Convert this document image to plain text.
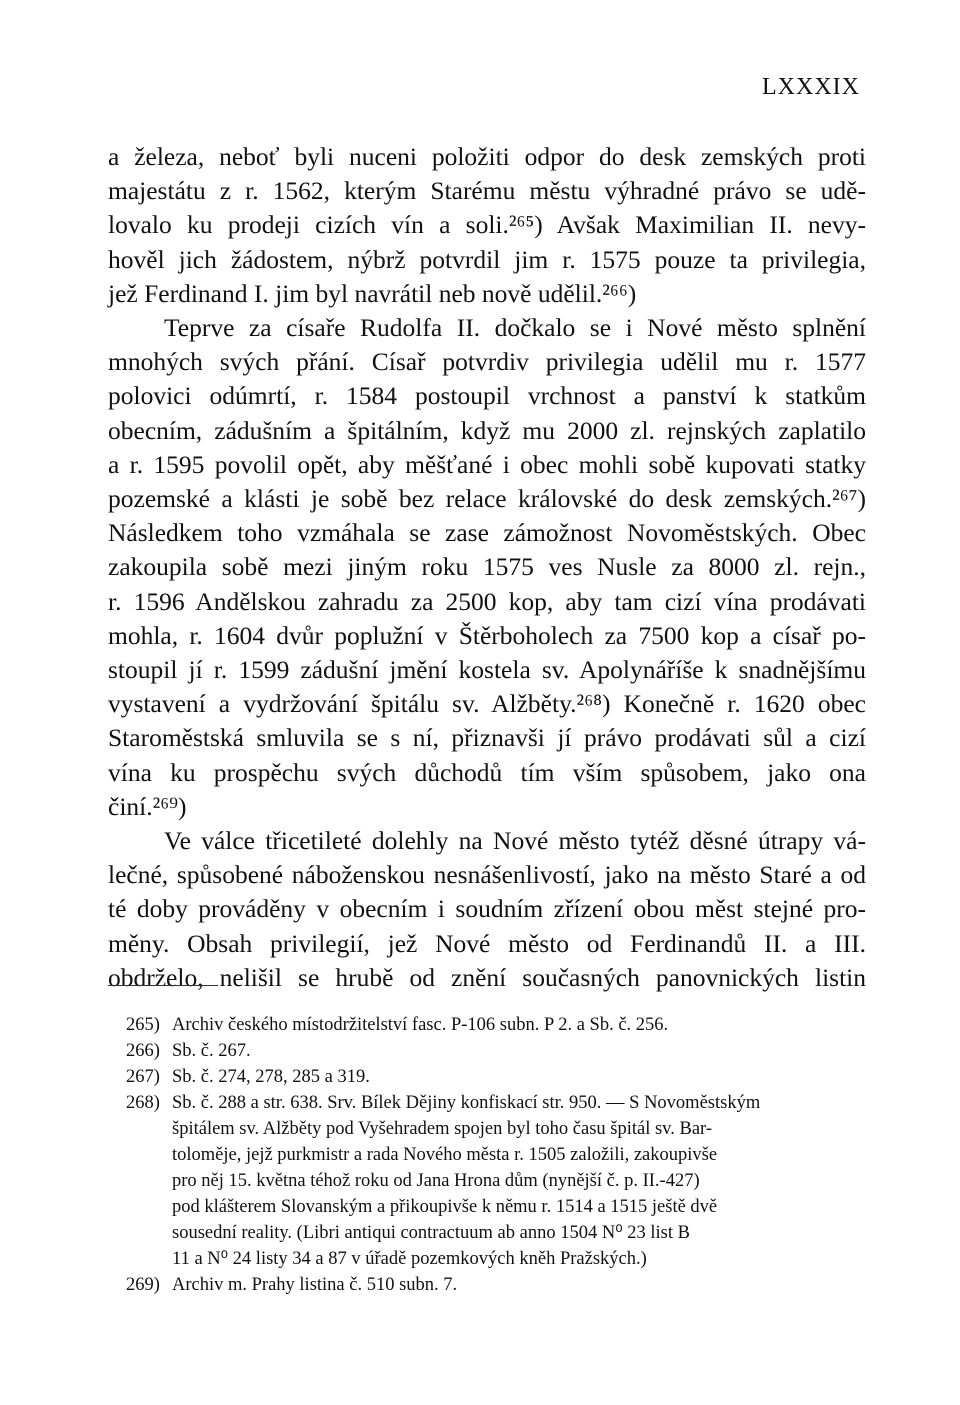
LXXXIX
a železa, neboť byli nuceni položiti odpor do desk zemských proti
majestátu z r. 1562, kterým Starému městu výhradné právo se udě-
lovalo ku prodeji cizích vín a soli.²⁶⁵) Avšak Maximilian II. nevy-
hověl jich žádostem, nýbrž potvrdil jim r. 1575 pouze ta privilegia,
jež Ferdinand I. jim byl navrátil neb nově udělil.²⁶⁶)
Teprve za císaře Rudolfa II. dočkalo se i Nové město splnění
mnohých svých přání. Císař potvrdiv privilegia udělil mu r. 1577
polovici odúmrtí, r. 1584 postoupil vrchnost a panství k statkům
obecním, zádušním a špitálním, když mu 2000 zl. rejnských zaplatilo
a r. 1595 povolil opět, aby měšťané i obec mohli sobě kupovati statky
pozemské a klásti je sobě bez relace královské do desk zemských.²⁶⁷)
Následkem toho vzmáhala se zase zámožnost Novoměstských. Obec
zakoupila sobě mezi jiným roku 1575 ves Nusle za 8000 zl. rejn.,
r. 1596 Andělskou zahradu za 2500 kop, aby tam cizí vína prodávati
mohla, r. 1604 dvůr poplužní v Štěrboholech za 7500 kop a císař po-
stoupil jí r. 1599 zádušní jmění kostela sv. Apolynáříše k snadnějšímu
vystavení a vydržování špitálu sv. Alžběty.²⁶⁸) Konečně r. 1620 obec
Staroměstská smluvila se s ní, přiznavši jí právo prodávati sůl a cizí
vína ku prospěchu svých důchodů tím vším spůsobem, jako ona
činí.²⁶⁹)
Ve válce třicetileté dolehly na Nové město tytéž děsné útrapy vá-
lečné, spůsobené náboženskou nesnášenlivostí, jako na město Staré a od
té doby prováděny v obecním i soudním zřízení obou měst stejné pro-
měny. Obsah privilegií, jež Nové město od Ferdinandů II. a III.
obdrželo, nelišil se hrubě od znění současných panovnických listin
265) Archiv českého místodržitelství fasc. P-106 subn. P 2. a Sb. č. 256.
266) Sb. č. 267.
267) Sb. č. 274, 278, 285 a 319.
268) Sb. č. 288 a str. 638. Srv. Bílek Dějiny konfiskací str. 950. — S Novoměstským
špitálem sv. Alžběty pod Vyšehradem spojen byl toho času špitál sv. Bar-
toloměje, jejž purkmistr a rada Nového města r. 1505 založili, zakoupivše
pro něj 15. května téhož roku od Jana Hrona dům (nynější č. p. II.-427)
pod klášterem Slovanským a přikoupivše k němu r. 1514 a 1515 ještě dvě
sousední reality. (Libri antiqui contractuum ab anno 1504 N⁰ 23 list B
11 a N⁰ 24 listy 34 a 87 v úřadě pozemkových kněh Pražských.)
269) Archiv m. Prahy listina č. 510 subn. 7.
